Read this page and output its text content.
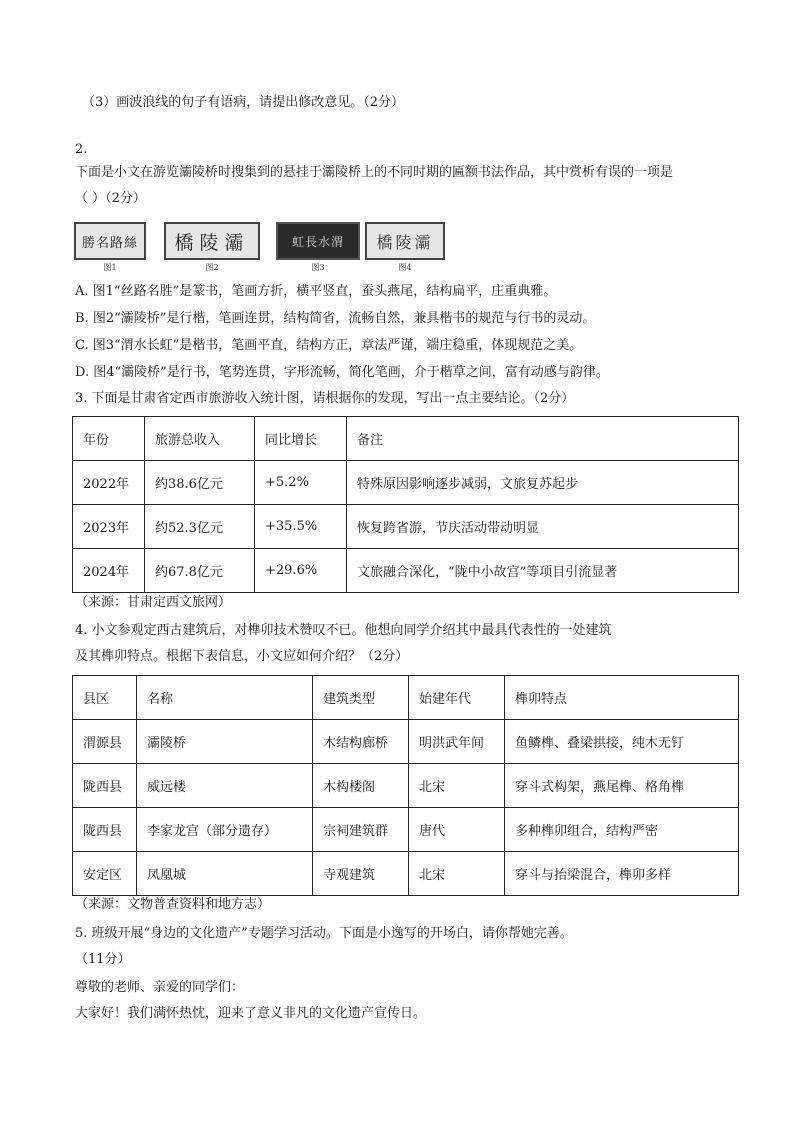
（3）画波浪线的句子有语病，请提出修改意见。（2分）
2.
下面是小文在游览灞陵桥时搜集到的悬挂于灞陵桥上的不同时期的匾额书法作品，其中赏析有误的一项是
（ ）（2分）
勝名路絲
图1
橋陵灞
图2
虹長水渭
图3
橋陵灞
图4
A. 图1“丝路名胜”是篆书，笔画方折，横平竖直，蚕头燕尾，结构扁平，庄重典雅。
B. 图2“灞陵桥”是行楷，笔画连贯，结构简省，流畅自然，兼具楷书的规范与行书的灵动。
C. 图3“渭水长虹”是楷书，笔画平直，结构方正，章法严谨，端庄稳重，体现规范之美。
D. 图4“灞陵桥”是行书，笔势连贯，字形流畅，简化笔画，介于楷草之间，富有动感与韵律。
3. 下面是甘肃省定西市旅游收入统计图，请根据你的发现，写出一点主要结论。（2分）
年份	旅游总收入	同比增长	备注
2022年	约38.6亿元	+5.2%	特殊原因影响逐步减弱，文旅复苏起步
2023年	约52.3亿元	+35.5%	恢复跨省游，节庆活动带动明显
2024年	约67.8亿元	+29.6%	文旅融合深化，“陇中小故宫”等项目引流显著
（来源：甘肃定西文旅网）
4. 小文参观定西古建筑后，对榫卯技术赞叹不已。他想向同学介绍其中最具代表性的一处建筑
及其榫卯特点。根据下表信息，小文应如何介绍？（2分）
县区	名称	建筑类型	始建年代	榫卯特点
渭源县	灞陵桥	木结构廊桥	明洪武年间	鱼鳞榫、叠梁拱接，纯木无钉
陇西县	威远楼	木构楼阁	北宋	穿斗式构架，燕尾榫、格角榫
陇西县	李家龙宫（部分遗存）	宗祠建筑群	唐代	多种榫卯组合，结构严密
安定区	凤凰城	寺观建筑	北宋	穿斗与抬梁混合，榫卯多样
（来源：文物普查资料和地方志）
5. 班级开展“身边的文化遗产”专题学习活动。下面是小逸写的开场白，请你帮她完善。
（11分）
尊敬的老师、亲爱的同学们：
大家好！我们满怀热忱，迎来了意义非凡的文化遗产宣传日。
